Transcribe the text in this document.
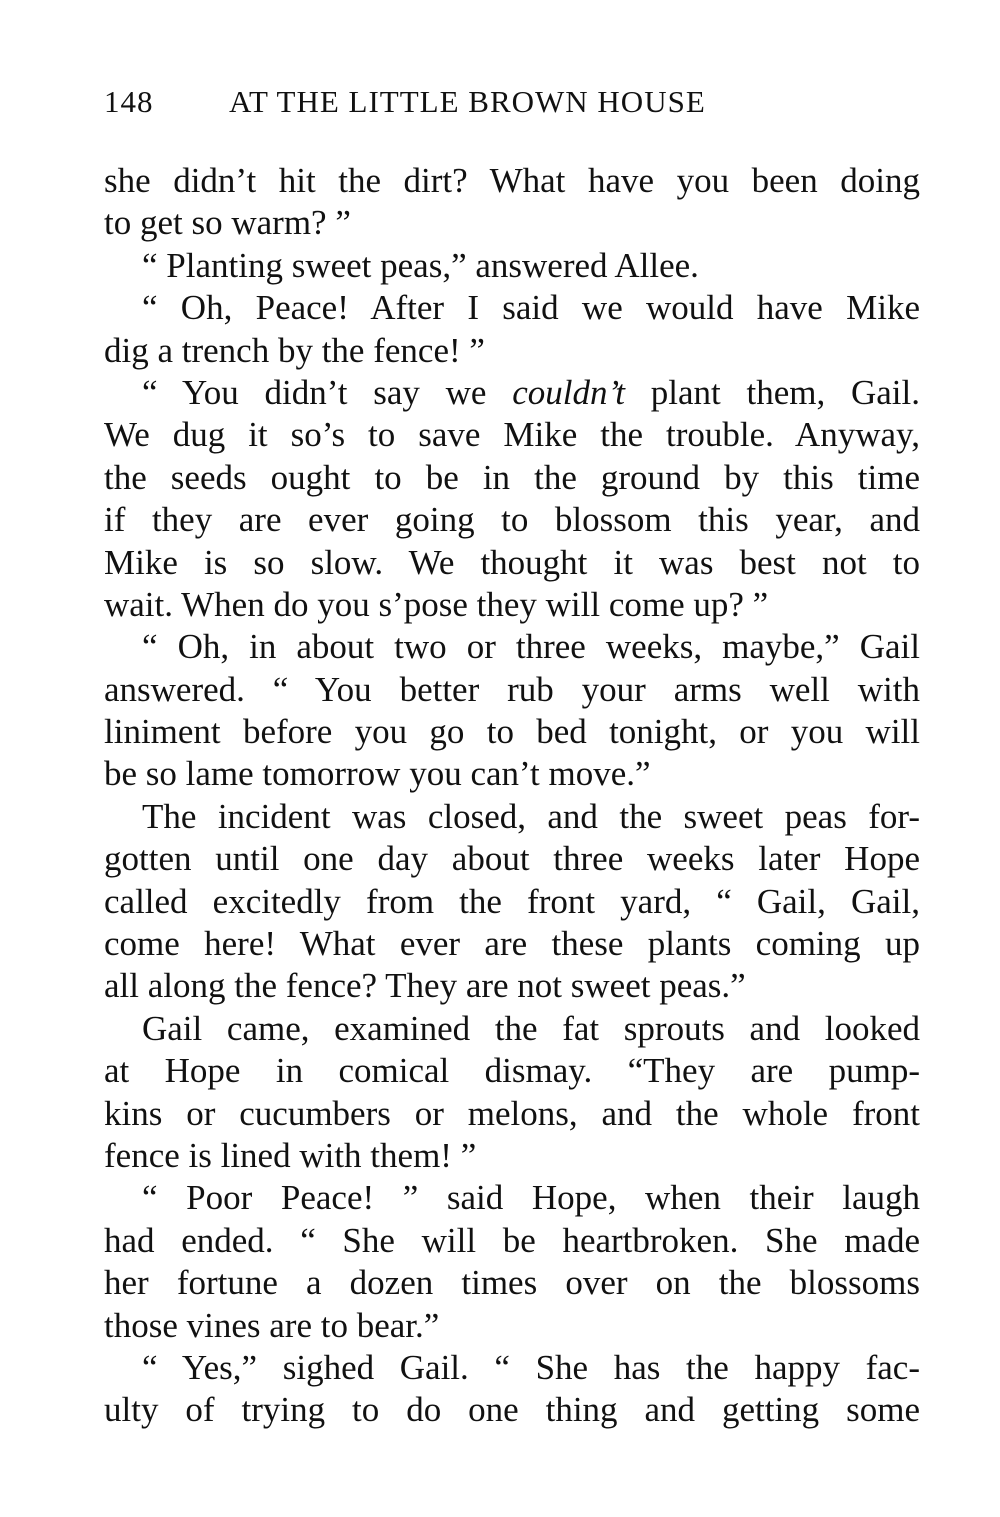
148 AT THE LITTLE BROWN HOUSE
she didn’t hit the dirt? What have you been doing
to get so warm? ”
“ Planting sweet peas,” answered Allee.
“ Oh, Peace! After I said we would have Mike
dig a trench by the fence! ”
“ You didn’t say we couldn’t plant them, Gail.
We dug it so’s to save Mike the trouble. Anyway,
the seeds ought to be in the ground by this time
if they are ever going to blossom this year, and
Mike is so slow. We thought it was best not to
wait. When do you s’pose they will come up? ”
“ Oh, in about two or three weeks, maybe,” Gail
answered. “ You better rub your arms well with
liniment before you go to bed tonight, or you will
be so lame tomorrow you can’t move.”
The incident was closed, and the sweet peas for-
gotten until one day about three weeks later Hope
called excitedly from the front yard, “ Gail, Gail,
come here! What ever are these plants coming up
all along the fence? They are not sweet peas.”
Gail came, examined the fat sprouts and looked
at Hope in comical dismay. “They are pump-
kins or cucumbers or melons, and the whole front
fence is lined with them! ”
“ Poor Peace! ” said Hope, when their laugh
had ended. “ She will be heartbroken. She made
her fortune a dozen times over on the blossoms
those vines are to bear.”
“ Yes,” sighed Gail. “ She has the happy fac-
ulty of trying to do one thing and getting some
